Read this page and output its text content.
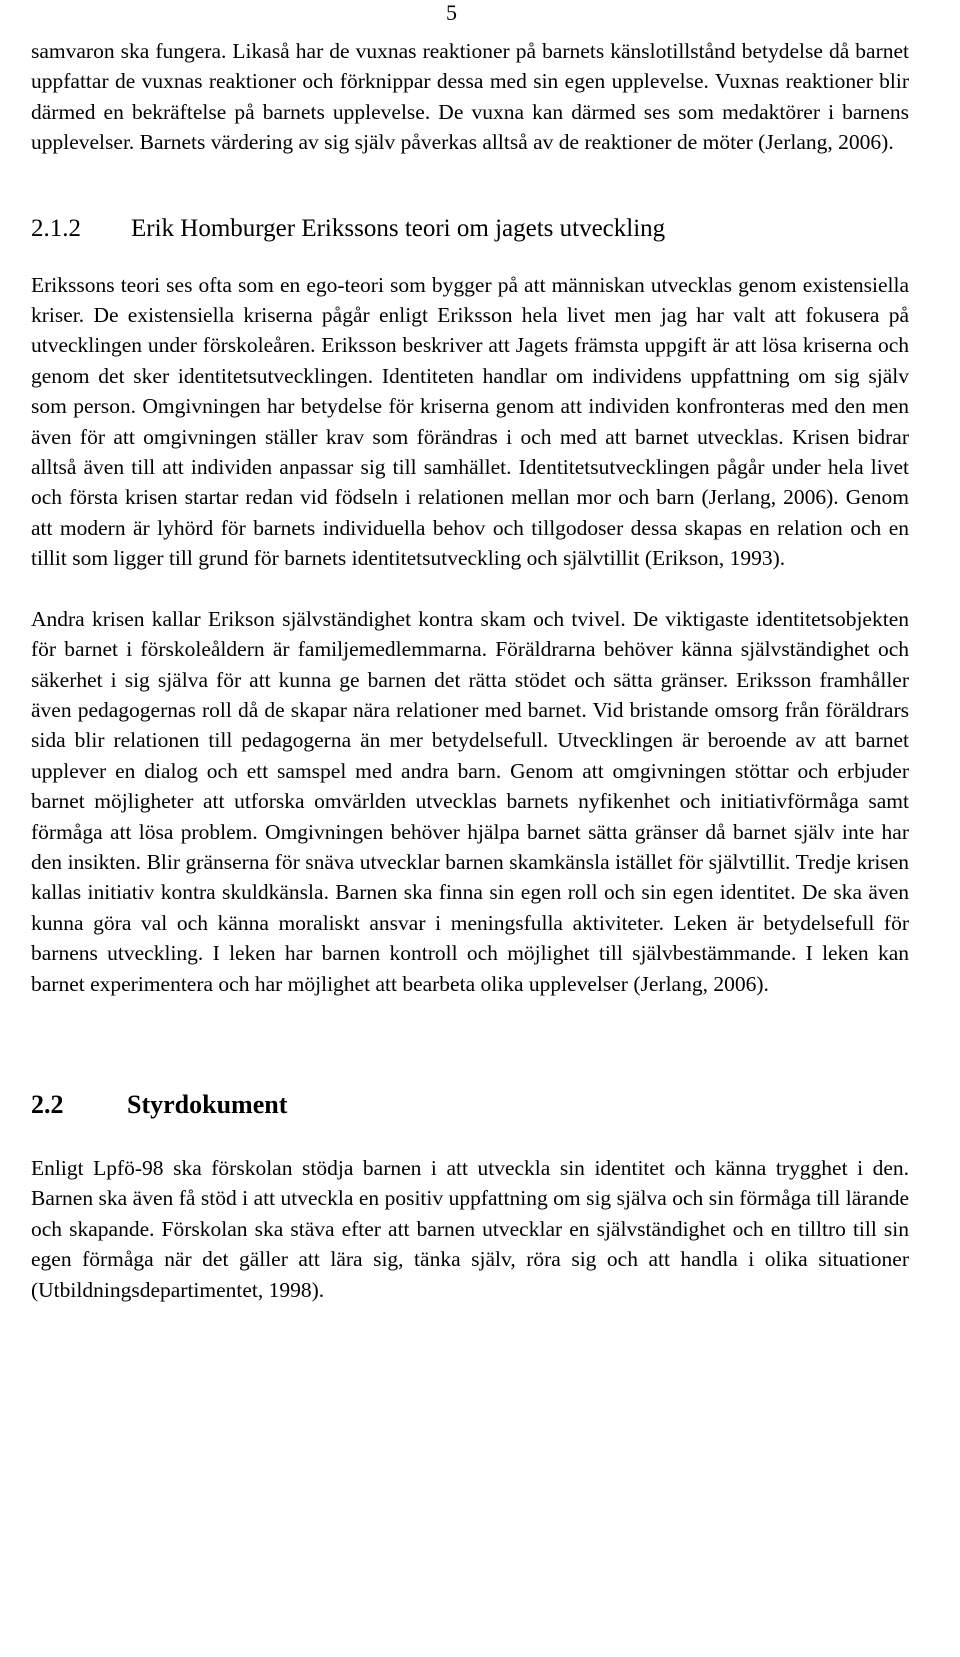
5

samvaron ska fungera. Likaså har de vuxnas reaktioner på barnets känslotillstånd betydelse då barnet uppfattar de vuxnas reaktioner och förknippar dessa med sin egen upplevelse. Vuxnas reaktioner blir därmed en bekräftelse på barnets upplevelse. De vuxna kan därmed ses som medaktörer i barnens upplevelser. Barnets värdering av sig själv påverkas alltså av de reaktioner de möter (Jerlang, 2006).

2.1.2 Erik Homburger Erikssons teori om jagets utveckling

Erikssons teori ses ofta som en ego-teori som bygger på att människan utvecklas genom existensiella kriser. De existensiella kriserna pågår enligt Eriksson hela livet men jag har valt att fokusera på utvecklingen under förskoleåren. Eriksson beskriver att Jagets främsta uppgift är att lösa kriserna och genom det sker identitetsutvecklingen. Identiteten handlar om individens uppfattning om sig själv som person. Omgivningen har betydelse för kriserna genom att individen konfronteras med den men även för att omgivningen ställer krav som förändras i och med att barnet utvecklas. Krisen bidrar alltså även till att individen anpassar sig till samhället. Identitetsutvecklingen pågår under hela livet och första krisen startar redan vid födseln i relationen mellan mor och barn (Jerlang, 2006). Genom att modern är lyhörd för barnets individuella behov och tillgodoser dessa skapas en relation och en tillit som ligger till grund för barnets identitetsutveckling och självtillit (Erikson, 1993).

Andra krisen kallar Erikson självständighet kontra skam och tvivel. De viktigaste identitetsobjekten för barnet i förskoleåldern är familjemedlemmarna. Föräldrarna behöver känna självständighet och säkerhet i sig själva för att kunna ge barnen det rätta stödet och sätta gränser. Eriksson framhåller även pedagogernas roll då de skapar nära relationer med barnet. Vid bristande omsorg från föräldrars sida blir relationen till pedagogerna än mer betydelsefull. Utvecklingen är beroende av att barnet upplever en dialog och ett samspel med andra barn. Genom att omgivningen stöttar och erbjuder barnet möjligheter att utforska omvärlden utvecklas barnets nyfikenhet och initiativförmåga samt förmåga att lösa problem. Omgivningen behöver hjälpa barnet sätta gränser då barnet själv inte har den insikten. Blir gränserna för snäva utvecklar barnen skamkänsla istället för självtillit. Tredje krisen kallas initiativ kontra skuldkänsla. Barnen ska finna sin egen roll och sin egen identitet. De ska även kunna göra val och känna moraliskt ansvar i meningsfulla aktiviteter. Leken är betydelsefull för barnens utveckling. I leken har barnen kontroll och möjlighet till självbestämmande. I leken kan barnet experimentera och har möjlighet att bearbeta olika upplevelser (Jerlang, 2006).

2.2 Styrdokument

Enligt Lpfö-98 ska förskolan stödja barnen i att utveckla sin identitet och känna trygghet i den. Barnen ska även få stöd i att utveckla en positiv uppfattning om sig själva och sin förmåga till lärande och skapande. Förskolan ska stäva efter att barnen utvecklar en självständighet och en tilltro till sin egen förmåga när det gäller att lära sig, tänka själv, röra sig och att handla i olika situationer (Utbildningsdepartimentet, 1998).
